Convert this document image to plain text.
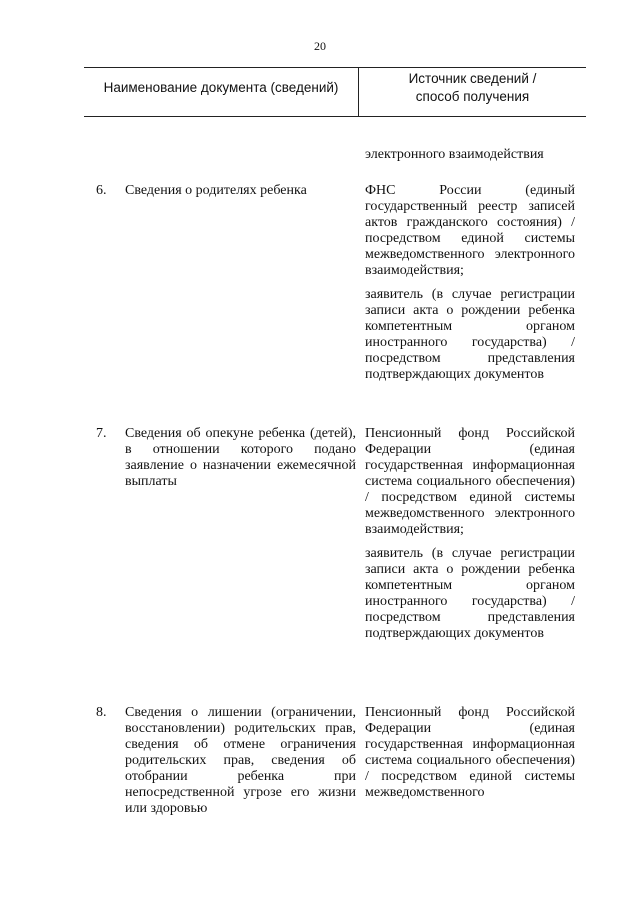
20
Наименование документа (сведений)
Источник сведений /
способ получения
электронного взаимодействия
6. Сведения о родителях ребенка	ФНС России (единый государственный реестр записей актов гражданского состояния) / посредством единой системы межведомственного электронного взаимодействия;
заявитель (в случае регистрации записи акта о рождении ребенка компетентным органом иностранного государства) / посредством представления подтверждающих документов
7. Сведения об опекуне ребенка (детей), в отношении которого подано заявление о назначении ежемесячной выплаты
Пенсионный фонд Российской Федерации (единая государственная информационная система социального обеспечения) / посредством единой системы межведомственного электронного взаимодействия;
заявитель (в случае регистрации записи акта о рождении ребенка компетентным органом иностранного государства) / посредством представления подтверждающих документов
8. Сведения о лишении (ограничении, восстановлении) родительских прав, сведения об отмене ограничения родительских прав, сведения об отобрании ребенка при непосредственной угрозе его жизни или здоровью
Пенсионный фонд Российской Федерации (единая государственная информационная система социального обеспечения) / посредством единой системы межведомственного
